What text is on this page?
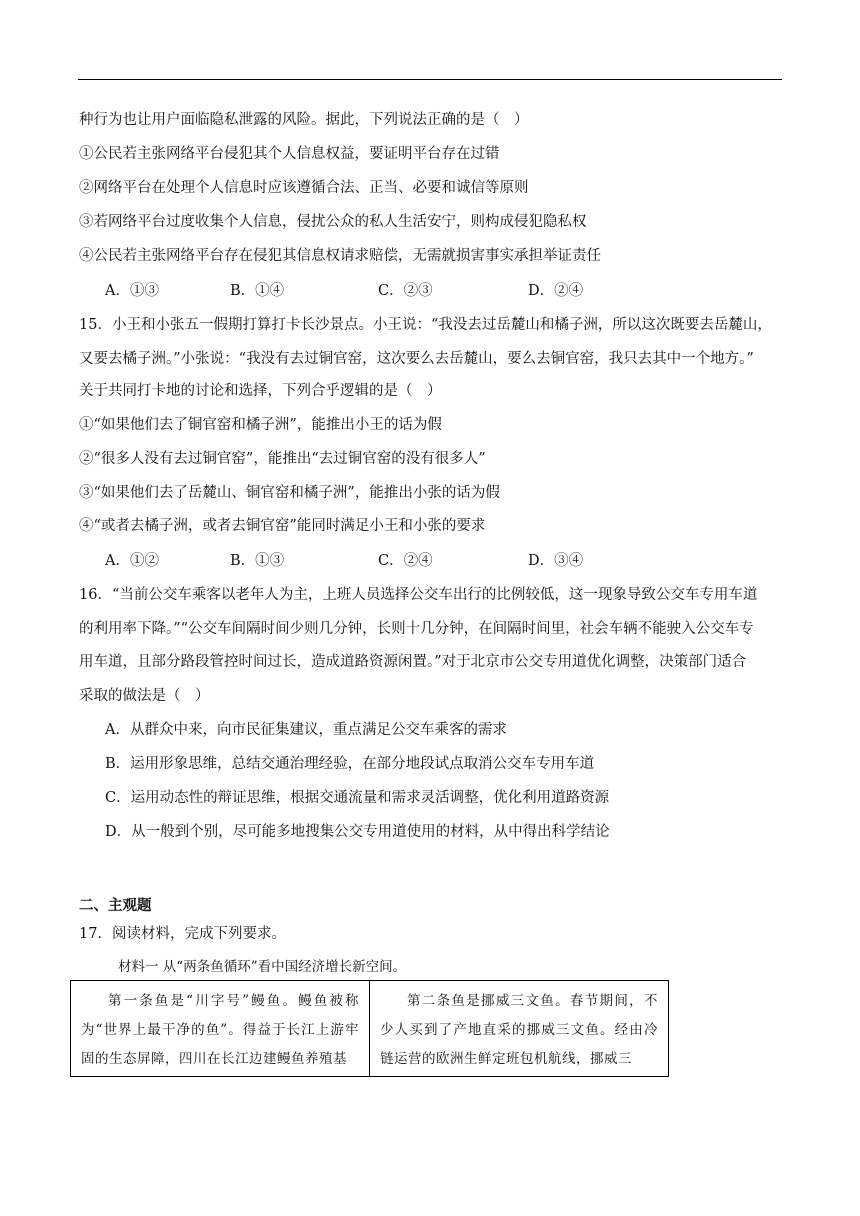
种行为也让用户面临隐私泄露的风险。据此，下列说法正确的是（　）
①公民若主张网络平台侵犯其个人信息权益，要证明平台存在过错
②网络平台在处理个人信息时应该遵循合法、正当、必要和诚信等原则
③若网络平台过度收集个人信息，侵扰公众的私人生活安宁，则构成侵犯隐私权
④公民若主张网络平台存在侵犯其信息权请求赔偿，无需就损害事实承担举证责任
A．①③	B．①④	C．②③	D．②④
15．小王和小张五一假期打算打卡长沙景点。小王说：“我没去过岳麓山和橘子洲，所以这次既要去岳麓山，
又要去橘子洲。”小张说：“我没有去过铜官窑，这次要么去岳麓山，要么去铜官窑，我只去其中一个地方。”
关于共同打卡地的讨论和选择，下列合乎逻辑的是（　）
①“如果他们去了铜官窑和橘子洲”，能推出小王的话为假
②“很多人没有去过铜官窑”，能推出“去过铜官窑的没有很多人”
③“如果他们去了岳麓山、铜官窑和橘子洲”，能推出小张的话为假
④“或者去橘子洲，或者去铜官窑”能同时满足小王和小张的要求
A．①②	B．①③	C．②④	D．③④
16．“当前公交车乘客以老年人为主，上班人员选择公交车出行的比例较低，这一现象导致公交车专用车道
的利用率下降。”“公交车间隔时间少则几分钟，长则十几分钟，在间隔时间里，社会车辆不能驶入公交车专
用车道，且部分路段管控时间过长，造成道路资源闲置。”对于北京市公交专用道优化调整，决策部门适合
采取的做法是（　）
A．从群众中来，向市民征集建议，重点满足公交车乘客的需求
B．运用形象思维，总结交通治理经验，在部分地段试点取消公交车专用车道
C．运用动态性的辩证思维，根据交通流量和需求灵活调整，优化利用道路资源
D．从一般到个别，尽可能多地搜集公交专用道使用的材料，从中得出科学结论
二、主观题
17．阅读材料，完成下列要求。
材料一 从“两条鱼循环”看中国经济增长新空间。
第一条鱼是“川字号”鳗鱼。鳗鱼被称为“世界上最干净的鱼”。得益于长江上游牢固的生态屏障，四川在长江边建鳗鱼养殖基

第二条鱼是挪威三文鱼。春节期间，不少人买到了产地直采的挪威三文鱼。经由冷链运营的欧洲生鲜定班包机航线，挪威三
